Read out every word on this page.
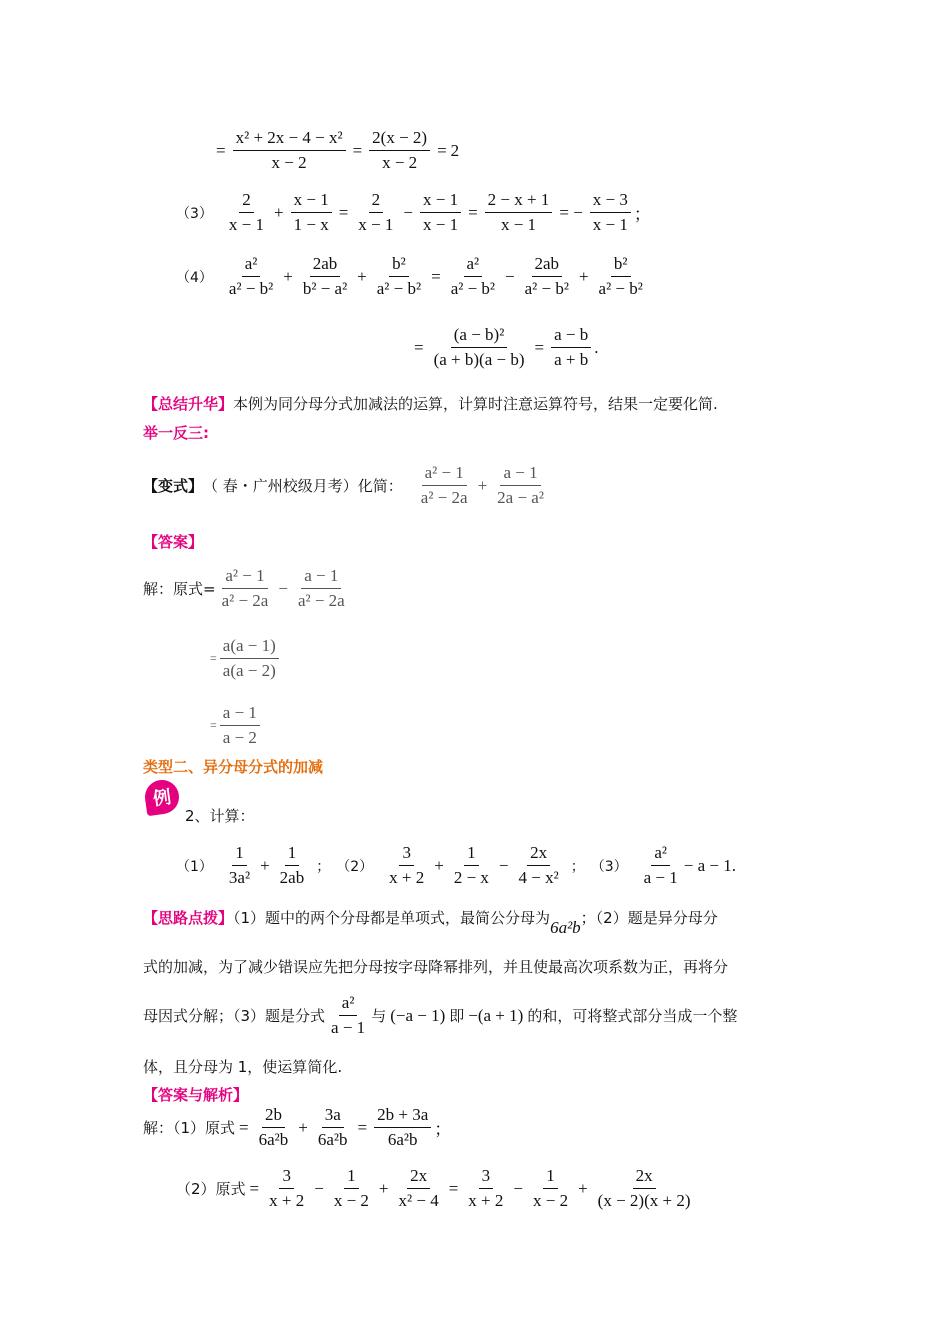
= $\frac{\text{x² + 2x − 4 − x²}}{x - 2} = \frac{2(x - 2)}{x - 2} = 2$
$(3) \frac{2}{x - 1} + \frac{x - 1}{1 - x} = \frac{2}{x - 1} - \frac{x - 1}{x - 1} = \frac{2 - x + 1}{x - 1}$ = − $\frac{x - 3}{x - 1}$ ；
$(4) \frac{\text{a²}}{\text{a² − b²}} + \frac{2ab}{\text{b² − a²}} + \frac{\text{b²}}{\text{a² − b²}} = \frac{\text{a²}}{\text{a² − b²}} - \frac{2ab}{\text{a² − b²}} + \frac{\text{b²}}{\text{a² − b²}}$
= $\frac{\text{(a − b)²}}{(a + b)(a - b)} = \frac{a - b}{a + b}$ .
【总结升华】本例为同分母分式加减法的运算，计算时注意运算符号，结果一定要化简.
举一反三:
【变式】 （ 春・广州校级月考）化简： $\frac{\text{a² − 1}}{\text{a² − 2a}} + \frac{a - 1}{\text{2a − a²}}$
【答案】
解：原式= $\frac{\text{a² − 1}}{\text{a² − 2a}} - \frac{a - 1}{\text{a² − 2a}}$
= $\frac{a(a - 1)}{a(a - 2)}$
= $\frac{a - 1}{a - 2}$
类型二、异分母分式的加减
例
2、计算：
$(1) \frac{1}{\text{3a²}} + \frac{1}{2ab}$ ； $(2) \frac{3}{x + 2} + \frac{1}{2 - x} - \frac{2x}{\text{4 − x²}}$ ； $(3) \frac{\text{a²}}{a - 1} - a - 1$ .
【思路点拨】（1）题中的两个分母都是单项式，最简公分母为6a²b；（2）题是异分母分
式的加减，为了减少错误应先把分母按字母降幂排列，并且使最高次项系数为正，再将分
母因式分解；（3）题是分式 $\frac{\text{a²}}{a - 1}$ 与 (−a − 1) 即 −(a + 1) 的和，可将整式部分当成一个整
体，且分母为 1，使运算简化.
【答案与解析】
解：（1）原式 = $\frac{2b}{\text{6a²b}} + \frac{3a}{\text{6a²b}} = \frac{2b + 3a}{\text{6a²b}}$ ；
（2）原式 = $\frac{3}{x + 2} - \frac{1}{x - 2} + \frac{2x}{\text{x² − 4}} = \frac{3}{x + 2} - \frac{1}{x - 2} + \frac{2x}{(x - 2)(x + 2)}$
